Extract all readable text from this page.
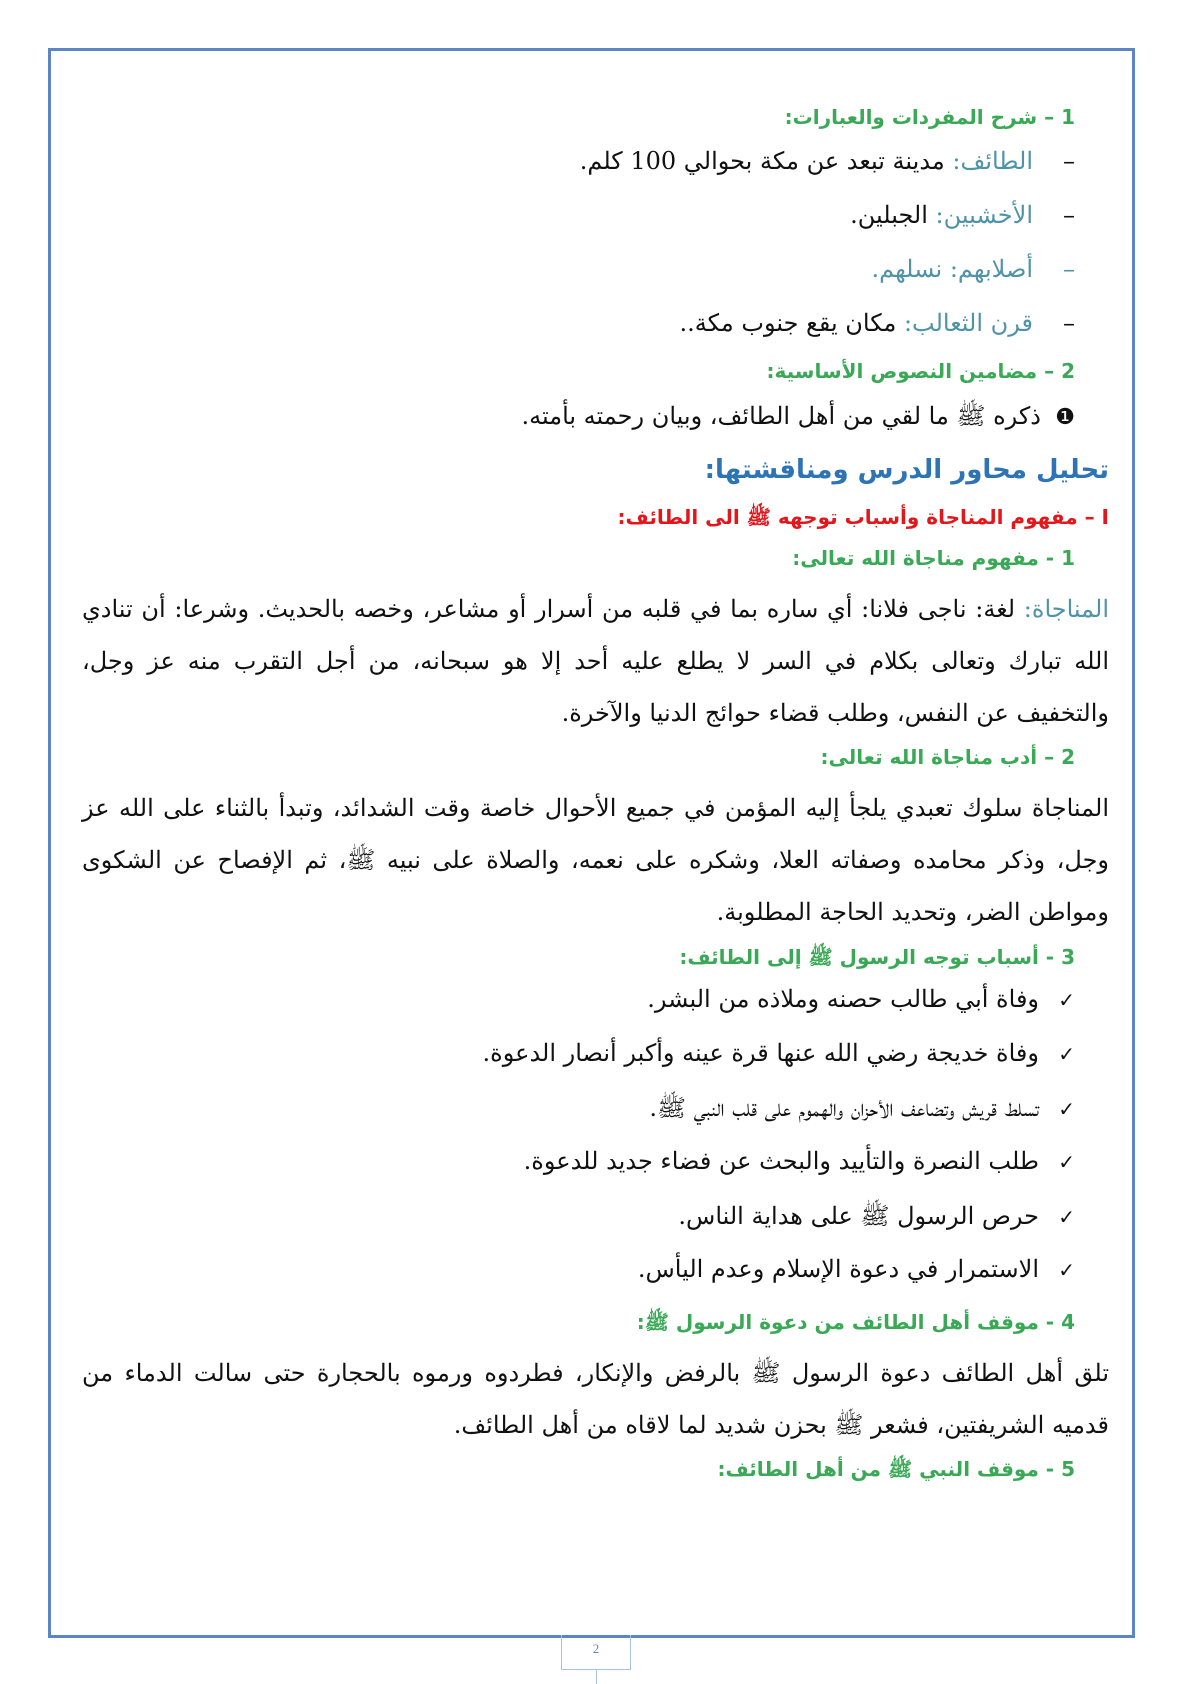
2
1 – شرح المفردات والعبارات:
–الطائف: مدينة تبعد عن مكة بحوالي 100 كلم.
–الأخشبين: الجبلين.
–أصلابهم: نسلهم.
–قرن الثعالب: مكان يقع جنوب مكة..
2 – مضامين النصوص الأساسية:
❶ذكره ﷺ ما لقي من أهل الطائف، وبيان رحمته بأمته.
تحليل محاور الدرس ومناقشتها:
I – مفهوم المناجاة وأسباب توجهه ﷺ الى الطائف:
1 - مفهوم مناجاة الله تعالى:
المناجاة: لغة: ناجى فلانا: أي ساره بما في قلبه من أسرار أو مشاعر، وخصه بالحديث. وشرعا: أن تنادي الله تبارك وتعالى بكلام في السر لا يطلع عليه أحد إلا هو سبحانه، من أجل التقرب منه عز وجل، والتخفيف عن النفس، وطلب قضاء حوائج الدنيا والآخرة.
2 – أدب مناجاة الله تعالى:
المناجاة سلوك تعبدي يلجأ إليه المؤمن في جميع الأحوال خاصة وقت الشدائد، وتبدأ بالثناء على الله عز وجل، وذكر محامده وصفاته العلا، وشكره على نعمه، والصلاة على نبيه ﷺ، ثم الإفصاح عن الشكوى ومواطن الضر، وتحديد الحاجة المطلوبة.
3 - أسباب توجه الرسول ﷺ إلى الطائف:
✓وفاة أبي طالب حصنه وملاذه من البشر.
✓وفاة خديجة رضي الله عنها قرة عينه وأكبر أنصار الدعوة.
✓تسلط قريش وتضاعف الأحزان والهموم على قلب النبي ﷺ.
✓طلب النصرة والتأييد والبحث عن فضاء جديد للدعوة.
✓حرص الرسول ﷺ على هداية الناس.
✓الاستمرار في دعوة الإسلام وعدم اليأس.
4 - موقف أهل الطائف من دعوة الرسول ﷺ:
تلق أهل الطائف دعوة الرسول ﷺ بالرفض والإنكار، فطردوه ورموه بالحجارة حتى سالت الدماء من قدميه الشريفتين، فشعر ﷺ بحزن شديد لما لاقاه من أهل الطائف.
5 - موقف النبي ﷺ من أهل الطائف:
